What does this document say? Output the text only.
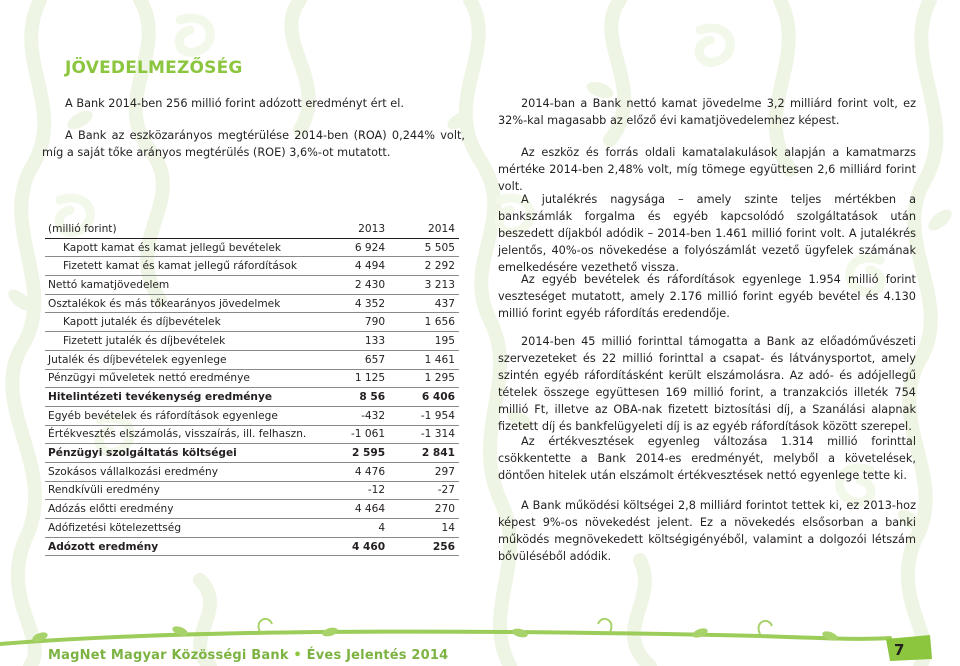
JÖVEDELMEZŐSÉG

A Bank 2014-ben 256 millió forint adózott eredményt ért el.

A Bank az eszközarányos megtérülése 2014-ben (ROA) 0,244% volt, míg a saját tőke arányos megtérülés (ROE) 3,6%-ot mutatott.

2014-ban a Bank nettó kamat jövedelme 3,2 milliárd forint volt, ez 32%-kal magasabb az előző évi kamatjövedelemhez képest.

Az eszköz és forrás oldali kamatalakulások alapján a kamatmarzs mértéke 2014-ben 2,48% volt, míg tömege együttesen 2,6 milliárd forint volt.

A jutalékrés nagysága – amely szinte teljes mértékben a bankszámlák forgalma és egyéb kapcsolódó szolgáltatások után beszedett díjakból adódik – 2014-ben 1.461 millió forint volt. A jutalékrés jelentős, 40%-os növekedése a folyószámlát vezető ügyfelek számának emelkedésére vezethető vissza.

Az egyéb bevételek és ráfordítások egyenlege 1.954 millió forint veszteséget mutatott, amely 2.176 millió forint egyéb bevétel és 4.130 millió forint egyéb ráfordítás eredendője.

2014-ben 45 millió forinttal támogatta a Bank az előadóművészeti szervezeteket és 22 millió forinttal a csapat- és látványsportot, amely szintén egyéb ráfordításként került elszámolásra. Az adó- és adójellegű tételek összege együttesen 169 millió forint, a tranzakciós illeték 754 millió Ft, illetve az OBA-nak fizetett biztosítási díj, a Szanálási alapnak fizetett díj és bankfelügyeleti díj is az egyéb ráfordítások között szerepel.

Az értékvesztések egyenleg változása 1.314 millió forinttal csökkentette a Bank 2014-es eredményét, melyből a követelések, döntően hitelek után elszámolt értékvesztések nettó egyenlege tette ki.

A Bank működési költségei 2,8 milliárd forintot tettek ki, ez 2013-hoz képest 9%-os növekedést jelent. Ez a növekedés elsősorban a banki működés megnövekedett költségigényéből, valamint a dolgozói létszám bővüléséből adódik.

(millió forint)	2013	2014
Kapott kamat és kamat jellegű bevételek	6 924	5 505
Fizetett kamat és kamat jellegű ráfordítások	4 494	2 292
Nettó kamatjövedelem	2 430	3 213
Osztalékok és más tőkearányos jövedelmek	4 352	437
Kapott jutalék és díjbevételek	790	1 656
Fizetett jutalék és díjbevételek	133	195
Jutalék és díjbevételek egyenlege	657	1 461
Pénzügyi műveletek nettó eredménye	1 125	1 295
Hitelintézeti tevékenység eredménye	8 56	6 406
Egyéb bevételek és ráfordítások egyenlege	-432	-1 954
Értékvesztés elszámolás, visszaírás, ill. felhaszn.	-1 061	-1 314
Pénzügyi szolgáltatás költségei	2 595	2 841
Szokásos vállalkozási eredmény	4 476	297
Rendkívüli eredmény	-12	-27
Adózás előtti eredmény	4 464	270
Adófizetési kötelezettség	4	14
Adózott eredmény	4 460	256
MagNet Magyar Közösségi Bank • Éves Jelentés 2014	7
